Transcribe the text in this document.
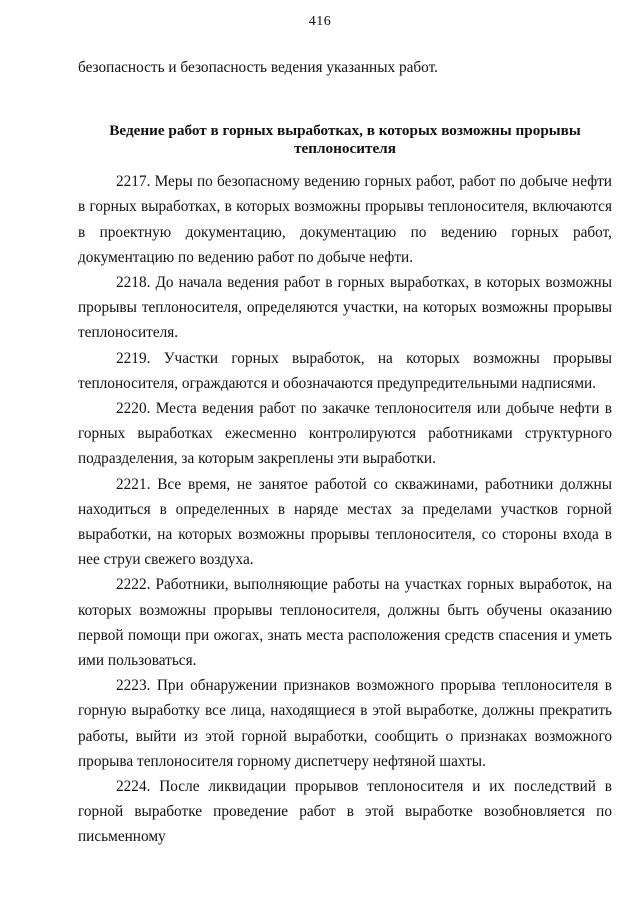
416

безопасность и безопасность ведения указанных работ.

Ведение работ в горных выработках, в которых возможны прорывы теплоносителя

2217. Меры по безопасному ведению горных работ, работ по добыче нефти в горных выработках, в которых возможны прорывы теплоносителя, включаются в проектную документацию, документацию по ведению горных работ, документацию по ведению работ по добыче нефти.

2218. До начала ведения работ в горных выработках, в которых возможны прорывы теплоносителя, определяются участки, на которых возможны прорывы теплоносителя.

2219. Участки горных выработок, на которых возможны прорывы теплоносителя, ограждаются и обозначаются предупредительными надписями.

2220. Места ведения работ по закачке теплоносителя или добыче нефти в горных выработках ежесменно контролируются работниками структурного подразделения, за которым закреплены эти выработки.

2221. Все время, не занятое работой со скважинами, работники должны находиться в определенных в наряде местах за пределами участков горной выработки, на которых возможны прорывы теплоносителя, со стороны входа в нее струи свежего воздуха.

2222. Работники, выполняющие работы на участках горных выработок, на которых возможны прорывы теплоносителя, должны быть обучены оказанию первой помощи при ожогах, знать места расположения средств спасения и уметь ими пользоваться.

2223. При обнаружении признаков возможного прорыва теплоносителя в горную выработку все лица, находящиеся в этой выработке, должны прекратить работы, выйти из этой горной выработки, сообщить о признаках возможного прорыва теплоносителя горному диспетчеру нефтяной шахты.

2224. После ликвидации прорывов теплоносителя и их последствий в горной выработке проведение работ в этой выработке возобновляется по письменному
